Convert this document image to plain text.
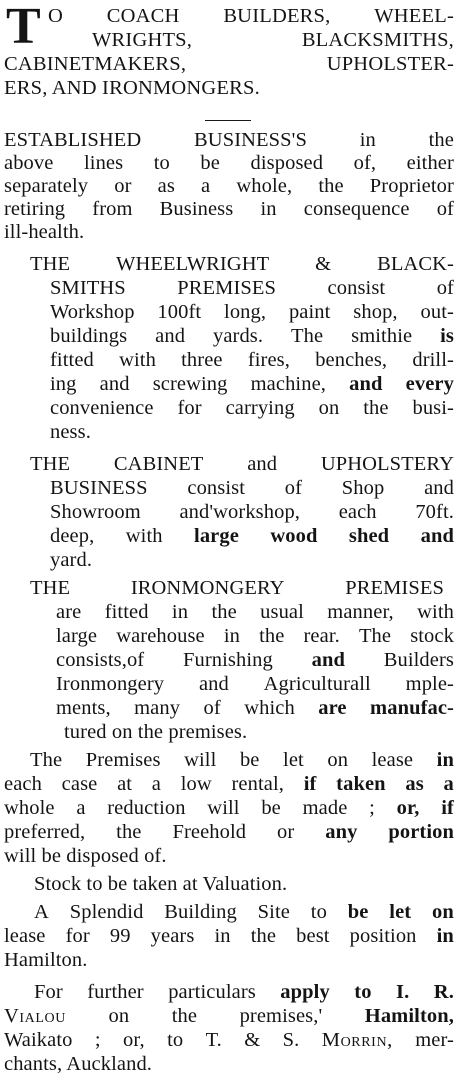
T O COACH BUILDERS, WHEEL-
WRIGHTS,	BLACKSMITHS,
CABINETMAKERS,	UPHOLSTER-
ERS, AND IRONMONGERS.
ESTABLISHED	BUSINESS'S	in	the
above lines to be disposed of, either
separately or as a whole, the Proprietor
retiring from Business in consequence of
ill-health.
THE WHEELWRIGHT & BLACK-
SMITHS	PREMISES	consist	of
Workshop 100ft long, paint shop, out-
buildings and yards. The smithie is
fitted with three fires, benches, drill-
ing and screwing machine, and every
convenience for carrying on the busi-
ness.
THE CABINET and UPHOLSTERY
BUSINESS consist of Shop and
Showroom and'workshop, each 70ft.
deep, with large wood shed and
yard.
THE	IRONMONGERY	PREMISES
are fitted in the usual manner, with
large warehouse in the rear. The stock
consists,of Furnishing and Builders
Ironmongery and Agriculturall mple-
ments, many of which are manufac-
tured on the premises.
The Premises will be let on lease in
each case at a low rental, if taken as a
whole a reduction will be made ; or, if
preferred, the Freehold or any portion
will be disposed of.
Stock to be taken at Valuation.
A Splendid Building Site to be let on
lease for 99 years in the best position in
Hamilton.
For further particulars apply to I. R.
Vialou on the premises,' Hamilton,
Waikato ; or, to T. & S. Morrin, mer-
chants, Auckland.
